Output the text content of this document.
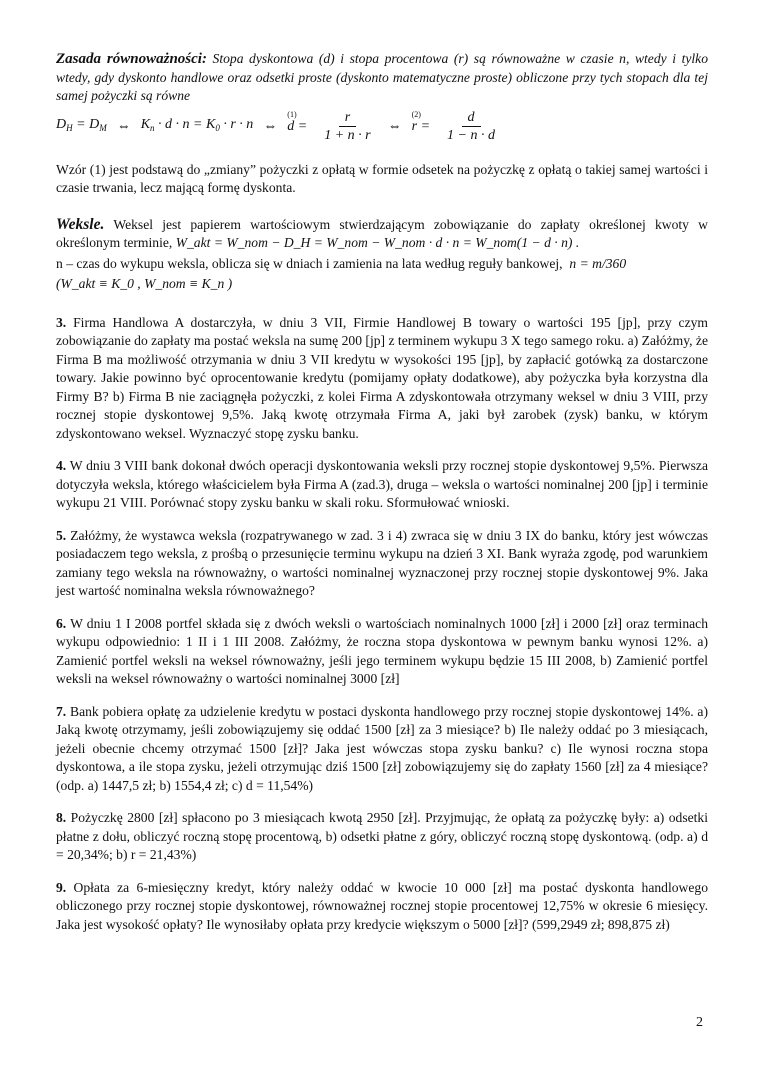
Zasada równoważności: Stopa dyskontowa (d) i stopa procentowa (r) są równoważne w czasie n, wtedy i tylko wtedy, gdy dyskonto handlowe oraz odsetki proste (dyskonto matematyczne proste) obliczone przy tych stopach dla tej samej pożyczki są równe

$D_H = D_M$ ⇔ $K_n \cdot d \cdot n = K_0 \cdot r \cdot n$ ⇔
(1)
$d = \frac{r}{1 + n \cdot r}$ ⇔
(2)
$r = \frac{d}{1 - n \cdot d}$

Wzór (1) jest podstawą do „zmiany” pożyczki z opłatą w formie odsetek na pożyczkę z opłatą o takiej samej wartości i czasie trwania, lecz mającą formę dyskonta.

Weksle. Weksel jest papierem wartościowym stwierdzającym zobowiązanie do zapłaty określonej kwoty w określonym terminie, W_akt = W_nom − D_H = W_nom − W_nom · d · n = W_nom(1 − d · n) .

n – czas do wykupu weksla, oblicza się w dniach i zamienia na lata według reguły bankowej, n = m/360

(W_akt ≡ K_0 , W_nom ≡ K_n )

3. Firma Handlowa A dostarczyła, w dniu 3 VII, Firmie Handlowej B towary o wartości 195 [jp], przy czym zobowiązanie do zapłaty ma postać weksla na sumę 200 [jp] z terminem wykupu 3 X tego samego roku. a) Załóżmy, że Firma B ma możliwość otrzymania w dniu 3 VII kredytu w wysokości 195 [jp], by zapłacić gotówką za dostarczone towary. Jakie powinno być oprocentowanie kredytu (pomijamy opłaty dodatkowe), aby pożyczka była korzystna dla Firmy B? b) Firma B nie zaciągnęła pożyczki, z kolei Firma A zdyskontowała otrzymany weksel w dniu 3 VIII, przy rocznej stopie dyskontowej 9,5%. Jaką kwotę otrzymała Firma A, jaki był zarobek (zysk) banku, w którym zdyskontowano weksel. Wyznaczyć stopę zysku banku.

4. W dniu 3 VIII bank dokonał dwóch operacji dyskontowania weksli przy rocznej stopie dyskontowej 9,5%. Pierwsza dotyczyła weksla, którego właścicielem była Firma A (zad.3), druga – weksla o wartości nominalnej 200 [jp] i terminie wykupu 21 VIII. Porównać stopy zysku banku w skali roku. Sformułować wnioski.

5. Załóżmy, że wystawca weksla (rozpatrywanego w zad. 3 i 4) zwraca się w dniu 3 IX do banku, który jest wówczas posiadaczem tego weksla, z prośbą o przesunięcie terminu wykupu na dzień 3 XI. Bank wyraża zgodę, pod warunkiem zamiany tego weksla na równoważny, o wartości nominalnej wyznaczonej przy rocznej stopie dyskontowej 9%. Jaka jest wartość nominalna weksla równoważnego?

6. W dniu 1 I 2008 portfel składa się z dwóch weksli o wartościach nominalnych 1000 [zł] i 2000 [zł] oraz terminach wykupu odpowiednio: 1 II i 1 III 2008. Załóżmy, że roczna stopa dyskontowa w pewnym banku wynosi 12%. a) Zamienić portfel weksli na weksel równoważny, jeśli jego terminem wykupu będzie 15 III 2008, b) Zamienić portfel weksli na weksel równoważny o wartości nominalnej 3000 [zł]

7. Bank pobiera opłatę za udzielenie kredytu w postaci dyskonta handlowego przy rocznej stopie dyskontowej 14%. a) Jaką kwotę otrzymamy, jeśli zobowiązujemy się oddać 1500 [zł] za 3 miesiące? b) Ile należy oddać po 3 miesiącach, jeżeli obecnie chcemy otrzymać 1500 [zł]? Jaka jest wówczas stopa zysku banku? c) Ile wynosi roczna stopa dyskontowa, a ile stopa zysku, jeżeli otrzymując dziś 1500 [zł] zobowiązujemy się do zapłaty 1560 [zł] za 4 miesiące? (odp. a) 1447,5 zł; b) 1554,4 zł; c) d = 11,54%)

8. Pożyczkę 2800 [zł] spłacono po 3 miesiącach kwotą 2950 [zł]. Przyjmując, że opłatą za pożyczkę były: a) odsetki płatne z dołu, obliczyć roczną stopę procentową, b) odsetki płatne z góry, obliczyć roczną stopę dyskontową. (odp. a) d = 20,34%; b) r = 21,43%)

9. Opłata za 6-miesięczny kredyt, który należy oddać w kwocie 10 000 [zł] ma postać dyskonta handlowego obliczonego przy rocznej stopie dyskontowej, równoważnej rocznej stopie procentowej 12,75% w okresie 6 miesięcy. Jaka jest wysokość opłaty? Ile wynosiłaby opłata przy kredycie większym o 5000 [zł]? (599,2949 zł; 898,875 zł)

2
